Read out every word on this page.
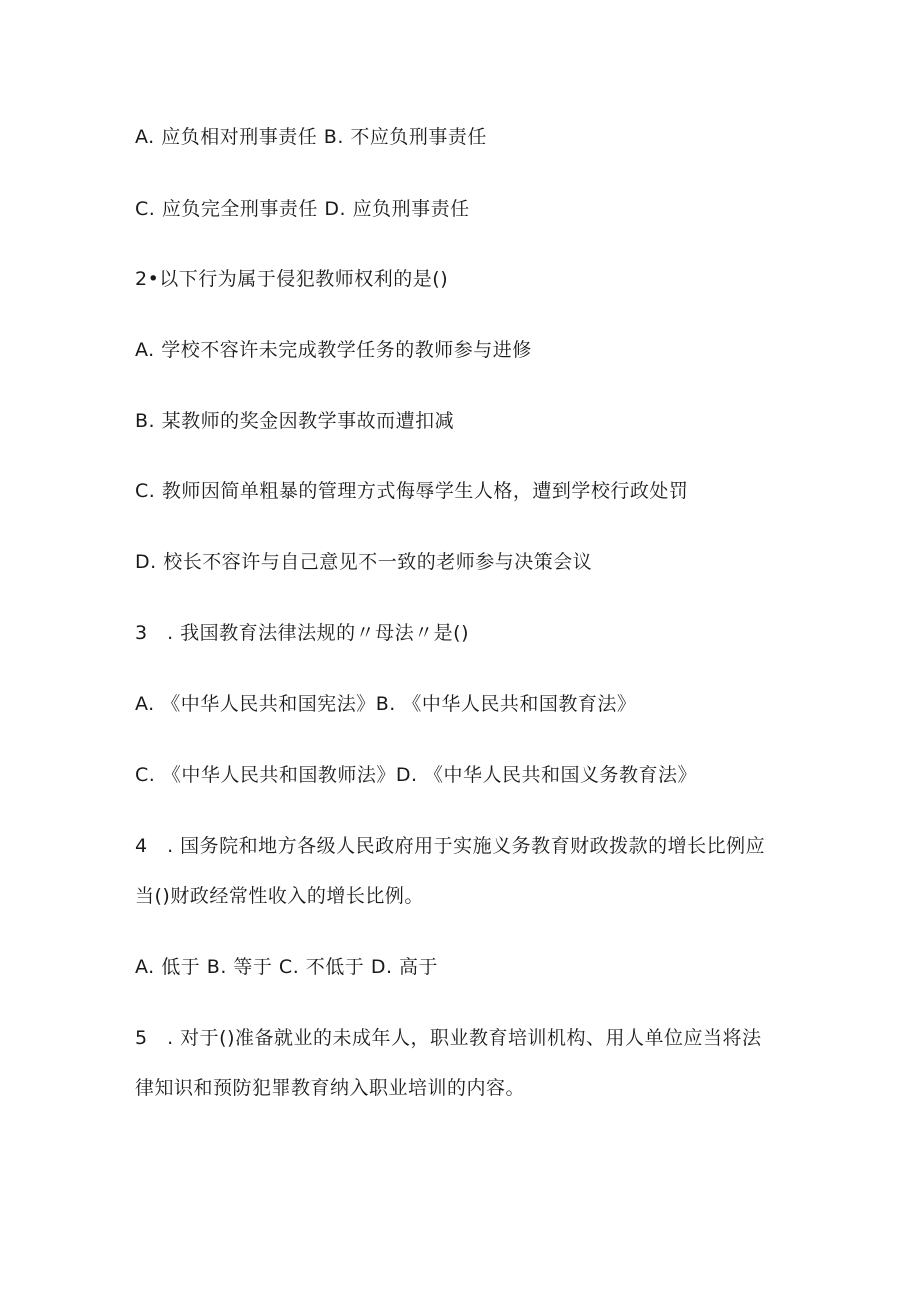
A. 应负相对刑事责任 B. 不应负刑事责任
C. 应负完全刑事责任 D. 应负刑事责任
2•以下行为属于侵犯教师权利的是()
A. 学校不容许未完成教学任务的教师参与进修
B. 某教师的奖金因教学事故而遭扣减
C. 教师因简单粗暴的管理方式侮辱学生人格，遭到学校行政处罚
D. 校长不容许与自己意见不一致的老师参与决策会议
3　. 我国教育法律法规的〃母法〃是()
A. 《中华人民共和国宪法》B. 《中华人民共和国教育法》
C. 《中华人民共和国教师法》D. 《中华人民共和国义务教育法》
4　. 国务院和地方各级人民政府用于实施义务教育财政拨款的增长比例应
当()财政经常性收入的增长比例。
A. 低于 B. 等于 C. 不低于 D. 高于
5　. 对于()准备就业的未成年人，职业教育培训机构、用人单位应当将法
律知识和预防犯罪教育纳入职业培训的内容。
